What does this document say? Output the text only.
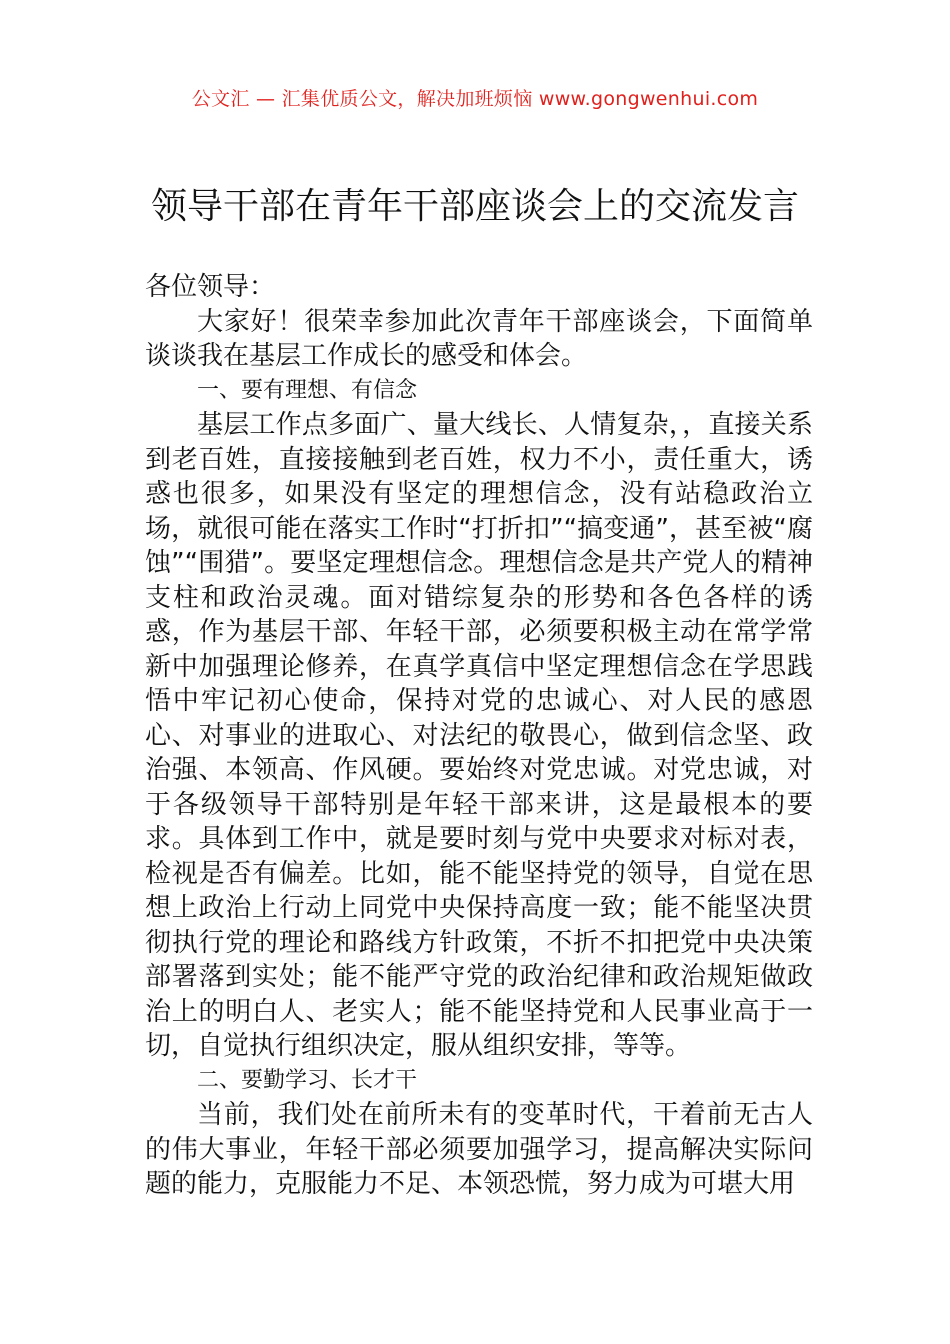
公文汇 — 汇集优质公文，解决加班烦恼 www.gongwenhui.com
领导干部在青年干部座谈会上的交流发言

各位领导：

大家好！很荣幸参加此次青年干部座谈会，下面简单谈谈我在基层工作成长的感受和体会。

一、要有理想、有信念

基层工作点多面广、量大线长、人情复杂，，直接关系到老百姓，直接接触到老百姓，权力不小，责任重大，诱惑也很多，如果没有坚定的理想信念，没有站稳政治立场，就很可能在落实工作时“打折扣”“搞变通”，甚至被“腐蚀”“围猎”。要坚定理想信念。理想信念是共产党人的精神支柱和政治灵魂。面对错综复杂的形势和各色各样的诱惑，作为基层干部、年轻干部，必须要积极主动在常学常新中加强理论修养，在真学真信中坚定理想信念在学思践悟中牢记初心使命，保持对党的忠诚心、对人民的感恩心、对事业的进取心、对法纪的敬畏心，做到信念坚、政治强、本领高、作风硬。要始终对党忠诚。对党忠诚，对于各级领导干部特别是年轻干部来讲，这是最根本的要求。具体到工作中，就是要时刻与党中央要求对标对表，检视是否有偏差。比如，能不能坚持党的领导，自觉在思想上政治上行动上同党中央保持高度一致；能不能坚决贯彻执行党的理论和路线方针政策，不折不扣把党中央决策部署落到实处；能不能严守党的政治纪律和政治规矩做政治上的明白人、老实人；能不能坚持党和人民事业高于一切，自觉执行组织决定，服从组织安排，等等。

二、要勤学习、长才干

当前，我们处在前所未有的变革时代，干着前无古人的伟大事业，年轻干部必须要加强学习，提高解决实际问题的能力，克服能力不足、本领恐慌，努力成为可堪大用
